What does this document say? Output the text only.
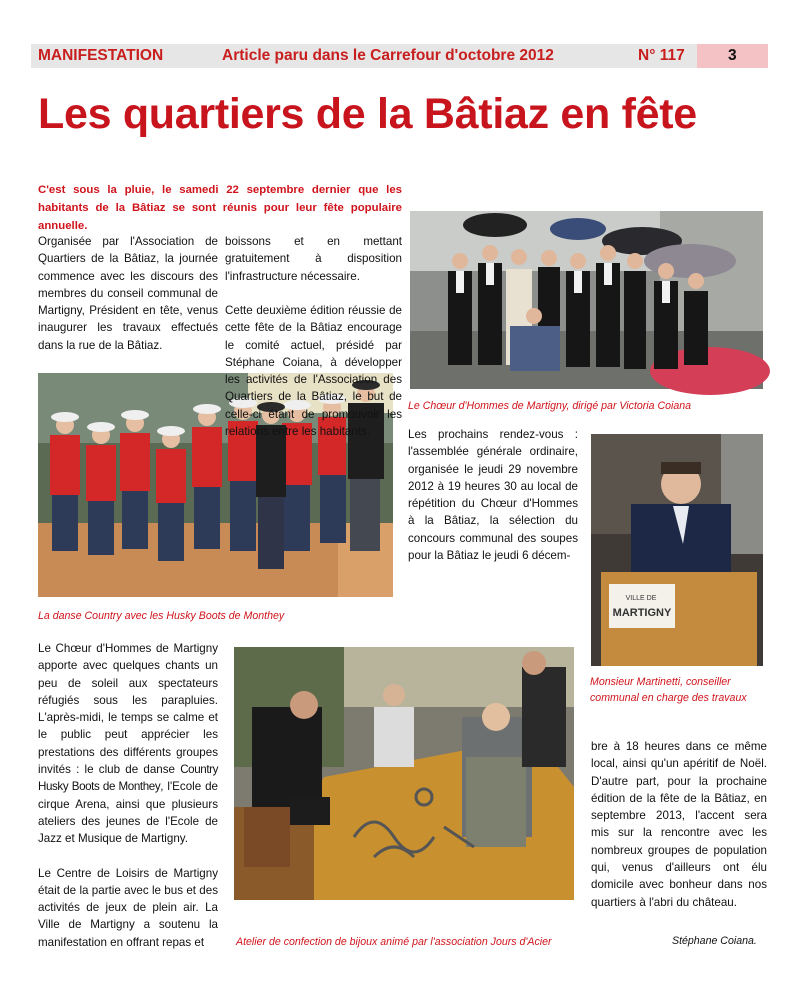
MANIFESTATION	Article paru dans le Carrefour d'octobre 2012	N° 117	3
Les quartiers de la Bâtiaz en fête
C'est sous la pluie, le samedi 22 septembre dernier que les habitants de la Bâtiaz se sont réunis pour leur fête populaire annuelle.

Organisée par l'Association de Quartiers de la Bâtiaz, la journée commence avec les discours des membres du conseil communal de Martigny, Président en tête, venus inaugurer les travaux effectués dans la rue de la Bâtiaz.

boissons et en mettant gratuitement à disposition l'infrastructure nécessaire.

Le Chœur d'Hommes de Martigny, dirigé par Victoria Coiana
La danse Country avec les Husky Boots de Monthey

Les prochains rendez-vous : l'assemblée générale ordinaire, organisée le jeudi 29 novembre 2012 à 19 heures 30 au local de répétition du Chœur d'Hommes à la Bâtiaz, la sélection du concours communal des soupes pour la Bâtiaz le jeudi 6 décem-

VILLE DE
MARTIGNY
Monsieur Martinetti, conseiller communal en charge des travaux

Le Chœur d'Hommes de Martigny apporte avec quelques chants un peu de soleil aux spectateurs réfugiés sous les parapluies. L'après-midi, le temps se calme et le public peut apprécier les prestations des différents groupes invités : le club de danse Country Husky Boots de Monthey, l'Ecole de cirque Arena, ainsi que plusieurs ateliers des jeunes de l'Ecole de Jazz et Musique de Martigny.

Le Centre de Loisirs de Martigny était de la partie avec le bus et des activités de jeux de plein air. La Ville de Martigny a soutenu la manifestation en offrant repas et	Atelier de confection de bijoux animé par l'association Jours d'Acier

bre à 18 heures dans ce même local, ainsi qu'un apéritif de Noël. D'autre part, pour la prochaine édition de la fête de la Bâtiaz, en septembre 2013, l'accent sera mis sur la rencontre avec les nombreux groupes de population qui, venus d'ailleurs ont élu domicile avec bonheur dans nos quartiers à l'abri du château.

Stéphane Coiana.

Cette deuxième édition réussie de cette fête de la Bâtiaz encourage le comité actuel, présidé par Stéphane Coiana, à développer les activités de l'Association des Quartiers de la Bâtiaz, le but de celle-ci étant de promouvoir les relations entre les habitants.
